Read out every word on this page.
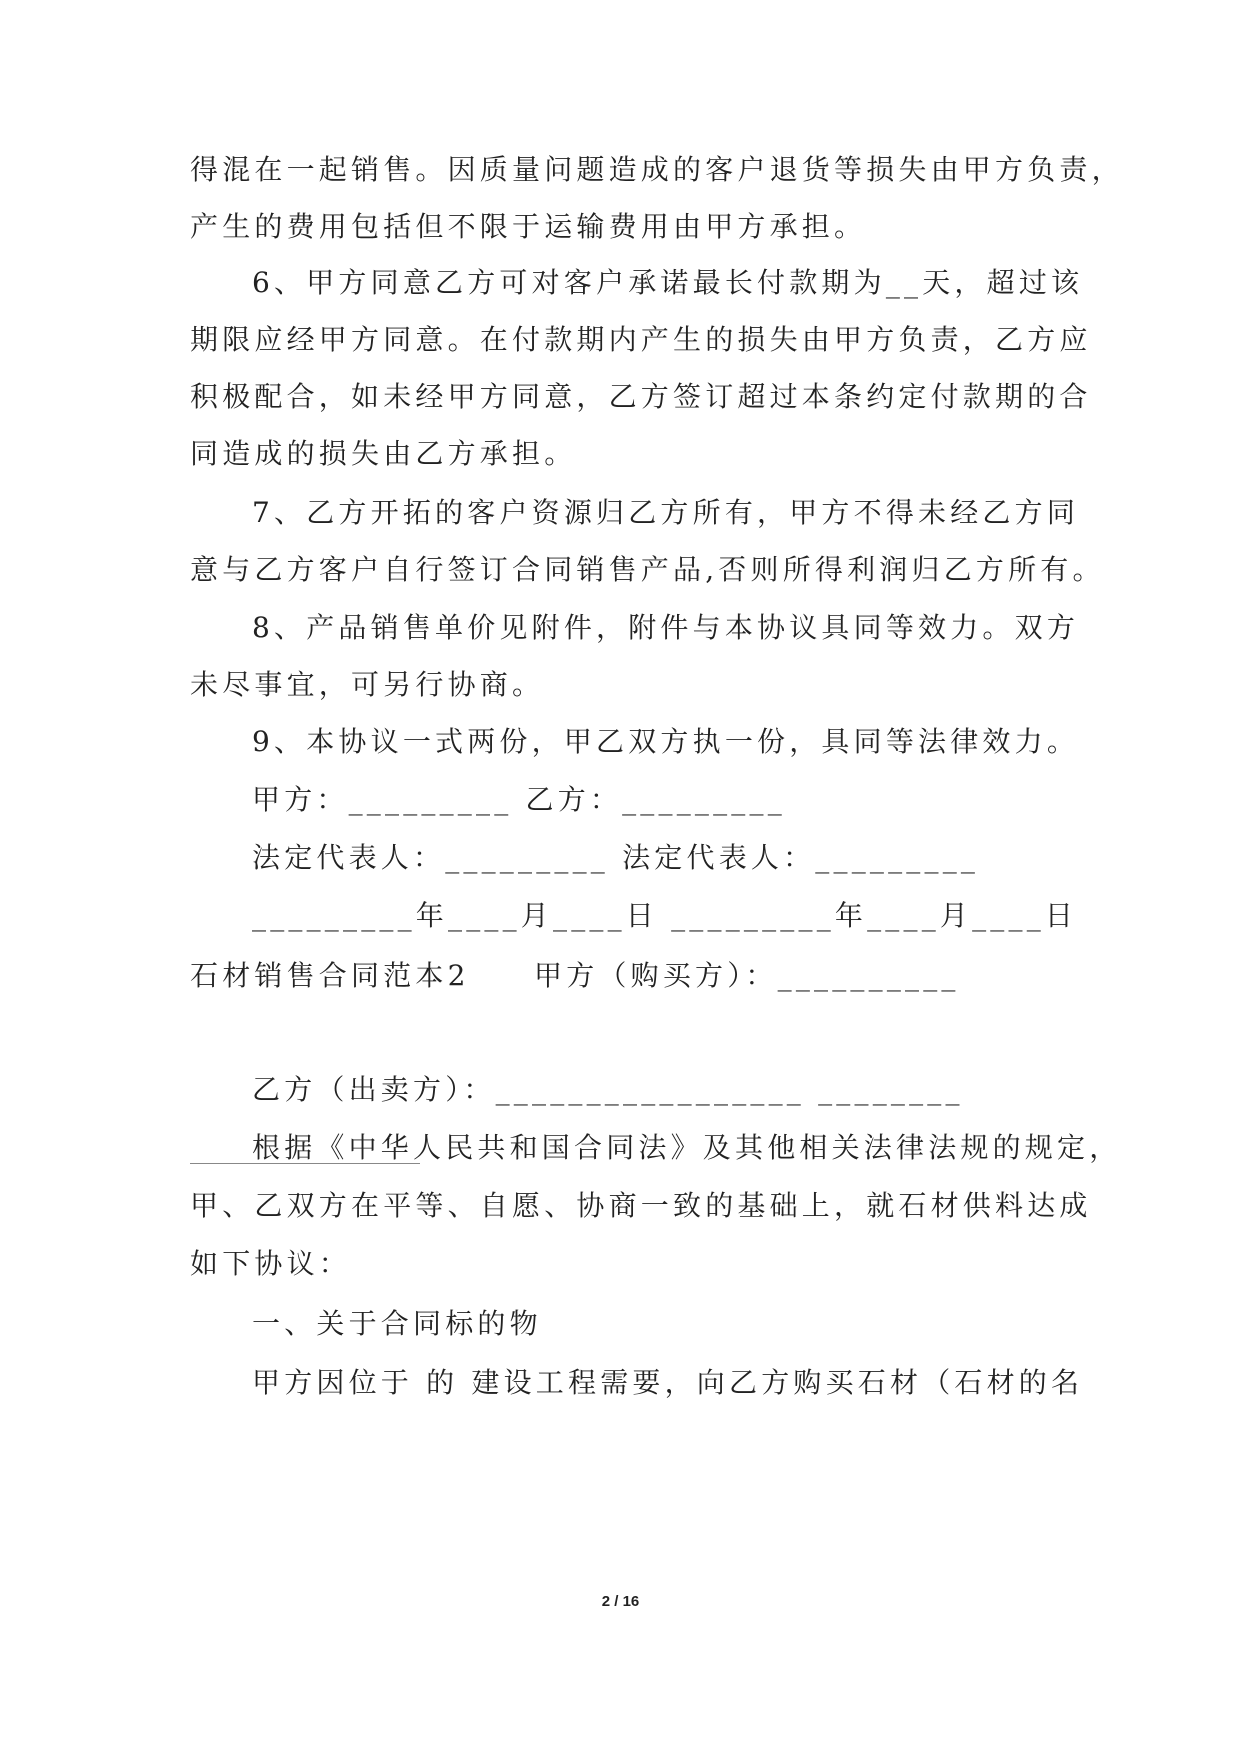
得混在一起销售。因质量问题造成的客户退货等损失由甲方负责，
产生的费用包括但不限于运输费用由甲方承担。
6、甲方同意乙方可对客户承诺最长付款期为__天，超过该
期限应经甲方同意。在付款期内产生的损失由甲方负责，乙方应
积极配合，如未经甲方同意，乙方签订超过本条约定付款期的合
同造成的损失由乙方承担。
7、乙方开拓的客户资源归乙方所有，甲方不得未经乙方同
意与乙方客户自行签订合同销售产品,否则所得利润归乙方所有。
8、产品销售单价见附件，附件与本协议具同等效力。双方
未尽事宜，可另行协商。
9、本协议一式两份，甲乙双方执一份，具同等法律效力。
甲方：_________ 乙方：_________
法定代表人：_________ 法定代表人：_________
_________年____月____日 _________年____月____日
石材销售合同范本2　　甲方（购买方）：__________
乙方（出卖方）：_________________ ________
根据《中华人民共和国合同法》及其他相关法律法规的规定，
甲、乙双方在平等、自愿、协商一致的基础上，就石材供料达成
如下协议：
一、关于合同标的物
甲方因位于 的 建设工程需要，向乙方购买石材（石材的名
2 / 16
